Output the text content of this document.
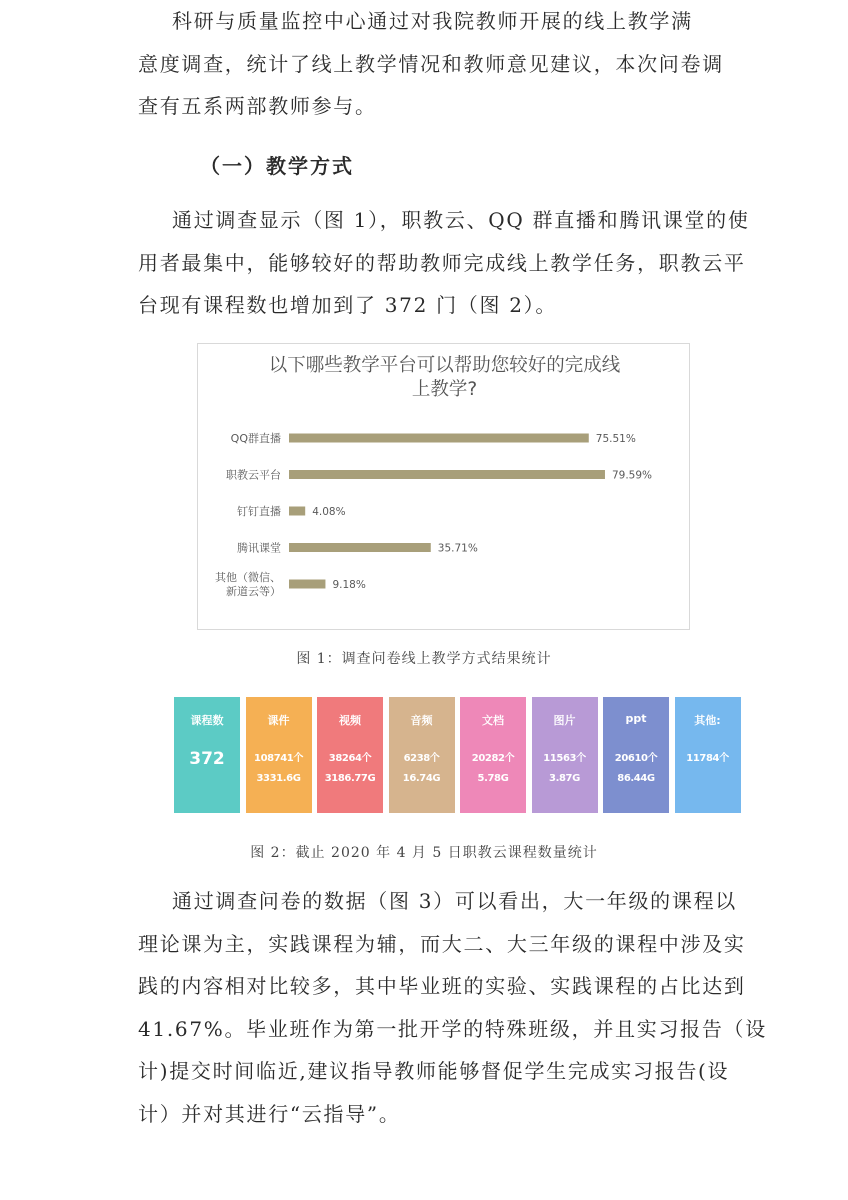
科研与质量监控中心通过对我院教师开展的线上教学满
意度调查，统计了线上教学情况和教师意见建议，本次问卷调
查有五系两部教师参与。
（一）教学方式
通过调查显示（图 1），职教云、QQ 群直播和腾讯课堂的使
用者最集中，能够较好的帮助教师完成线上教学任务，职教云平
台现有课程数也增加到了 372 门（图 2）。
以下哪些教学平台可以帮助您较好的完成线
上教学?
QQ群直播	75.51%
职教云平台	79.59%
钉钉直播	4.08%
腾讯课堂	35.71%
其他（微信、
新道云等）	9.18%
图 1：调查问卷线上教学方式结果统计
课程数
372
课件
108741个
3331.6G
视频
38264个
3186.77G
音频
6238个
16.74G
文档
20282个
5.78G
图片
11563个
3.87G
ppt
20610个
86.44G
其他:
11784个
图 2：截止 2020 年 4 月 5 日职教云课程数量统计
通过调查问卷的数据（图 3）可以看出，大一年级的课程以
理论课为主，实践课程为辅，而大二、大三年级的课程中涉及实
践的内容相对比较多，其中毕业班的实验、实践课程的占比达到
41.67%。毕业班作为第一批开学的特殊班级，并且实习报告（设
计)提交时间临近,建议指导教师能够督促学生完成实习报告(设
计）并对其进行“云指导”。
